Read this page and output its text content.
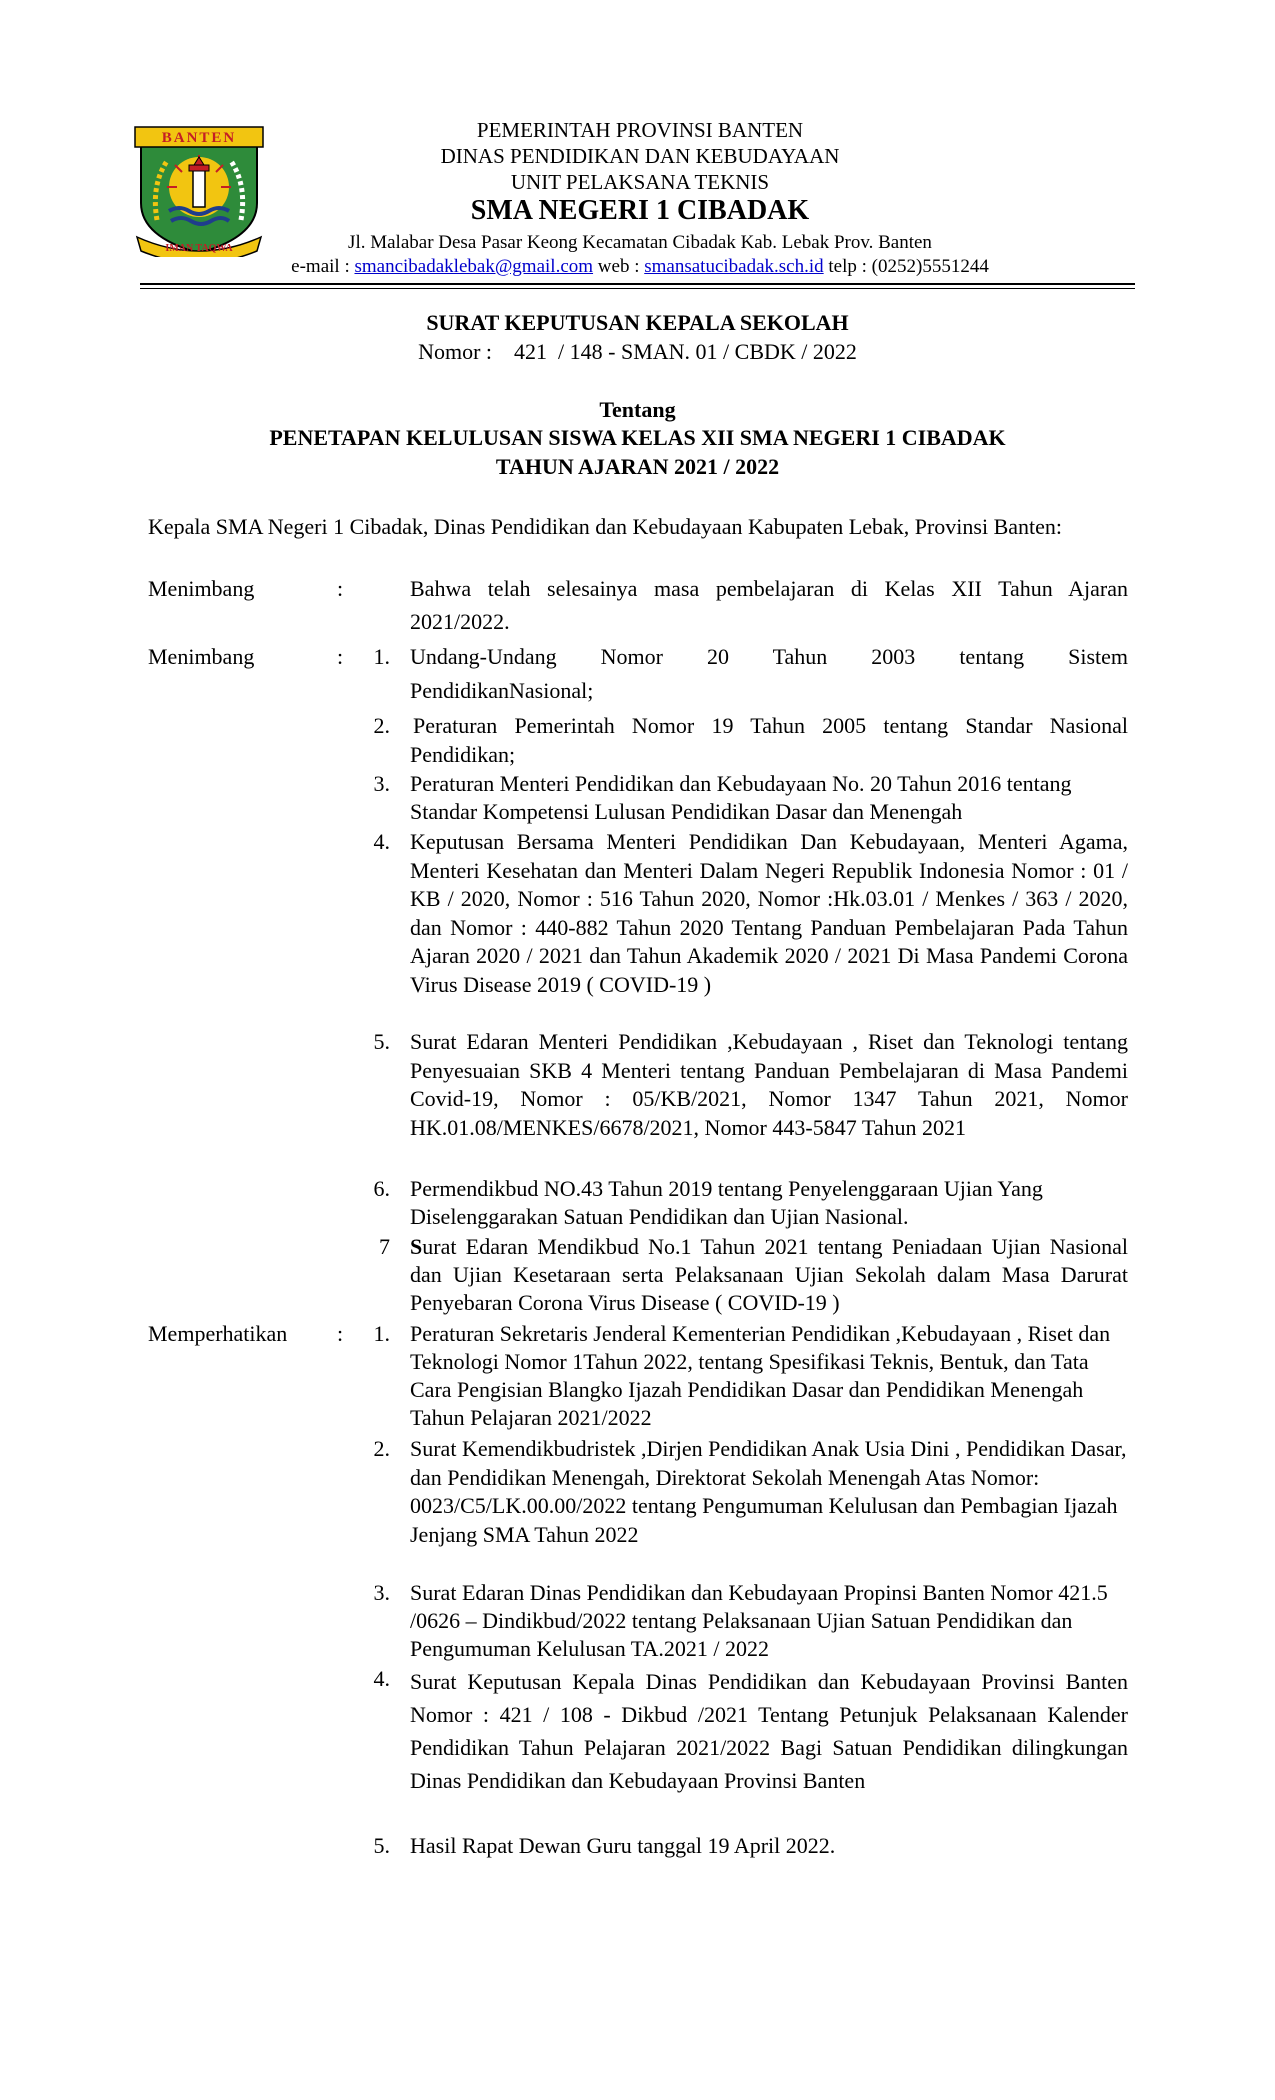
BANTEN
IMAN TAQWA
PEMERINTAH PROVINSI BANTEN
DINAS PENDIDIKAN DAN KEBUDAYAAN
UNIT PELAKSANA TEKNIS
SMA NEGERI 1 CIBADAK
Jl. Malabar Desa Pasar Keong Kecamatan Cibadak Kab. Lebak Prov. Banten
e-mail : smancibadaklebak@gmail.com web : smansatucibadak.sch.id telp : (0252)5551244
SURAT KEPUTUSAN KEPALA SEKOLAH
Nomor :    421  / 148 - SMAN. 01 / CBDK / 2022
Tentang
PENETAPAN KELULUSAN SISWA KELAS XII SMA NEGERI 1 CIBADAK
TAHUN AJARAN 2021 / 2022
Kepala SMA Negeri 1 Cibadak, Dinas Pendidikan dan Kebudayaan Kabupaten Lebak, Provinsi Banten:
Menimbang	:	Bahwa telah selesainya masa pembelajaran di Kelas XII Tahun Ajaran
2021/2022.
Menimbang	:	1. Undang-Undang Nomor 20 Tahun 2003 tentang Sistem
PendidikanNasional;
2. Peraturan Pemerintah Nomor 19 Tahun 2005 tentang Standar Nasional
Pendidikan;
3. Peraturan Menteri Pendidikan dan Kebudayaan No. 20 Tahun 2016 tentang Standar Kompetensi Lulusan Pendidikan Dasar dan Menengah
4. Keputusan Bersama Menteri Pendidikan Dan Kebudayaan, Menteri Agama, Menteri Kesehatan dan Menteri Dalam Negeri Republik Indonesia Nomor : 01 / KB / 2020, Nomor : 516 Tahun 2020, Nomor :Hk.03.01 / Menkes / 363 / 2020, dan Nomor : 440-882 Tahun 2020 Tentang Panduan Pembelajaran Pada Tahun Ajaran 2020 / 2021 dan Tahun Akademik 2020 / 2021 Di Masa Pandemi Corona Virus Disease 2019 ( COVID-19 )
5. Surat Edaran Menteri Pendidikan ,Kebudayaan , Riset dan Teknologi tentang Penyesuaian SKB 4 Menteri tentang Panduan Pembelajaran di Masa Pandemi Covid-19, Nomor : 05/KB/2021, Nomor 1347 Tahun 2021, Nomor HK.01.08/MENKES/6678/2021, Nomor 443-5847 Tahun 2021
6. Permendikbud NO.43 Tahun 2019 tentang Penyelenggaraan Ujian Yang Diselenggarakan Satuan Pendidikan dan Ujian Nasional.
7 Surat Edaran Mendikbud No.1 Tahun 2021 tentang Peniadaan Ujian Nasional dan Ujian Kesetaraan serta Pelaksanaan Ujian Sekolah dalam Masa Darurat Penyebaran Corona Virus Disease ( COVID-19 )
Memperhatikan :	1. Peraturan Sekretaris Jenderal Kementerian Pendidikan ,Kebudayaan , Riset dan Teknologi Nomor 1Tahun 2022, tentang Spesifikasi Teknis, Bentuk, dan Tata Cara Pengisian Blangko Ijazah Pendidikan Dasar dan Pendidikan Menengah Tahun Pelajaran 2021/2022
2. Surat Kemendikbudristek ,Dirjen Pendidikan Anak Usia Dini , Pendidikan Dasar, dan Pendidikan Menengah, Direktorat Sekolah Menengah Atas Nomor: 0023/C5/LK.00.00/2022 tentang Pengumuman Kelulusan dan Pembagian Ijazah Jenjang SMA Tahun 2022
3. Surat Edaran Dinas Pendidikan dan Kebudayaan Propinsi Banten Nomor 421.5 /0626 – Dindikbud/2022 tentang Pelaksanaan Ujian Satuan Pendidikan dan Pengumuman Kelulusan TA.2021 / 2022
4. Surat Keputusan Kepala Dinas Pendidikan dan Kebudayaan Provinsi Banten Nomor : 421 / 108 - Dikbud /2021 Tentang Petunjuk Pelaksanaan Kalender Pendidikan Tahun Pelajaran 2021/2022 Bagi Satuan Pendidikan dilingkungan Dinas Pendidikan dan Kebudayaan Provinsi Banten
5. Hasil Rapat Dewan Guru tanggal 19 April 2022.
